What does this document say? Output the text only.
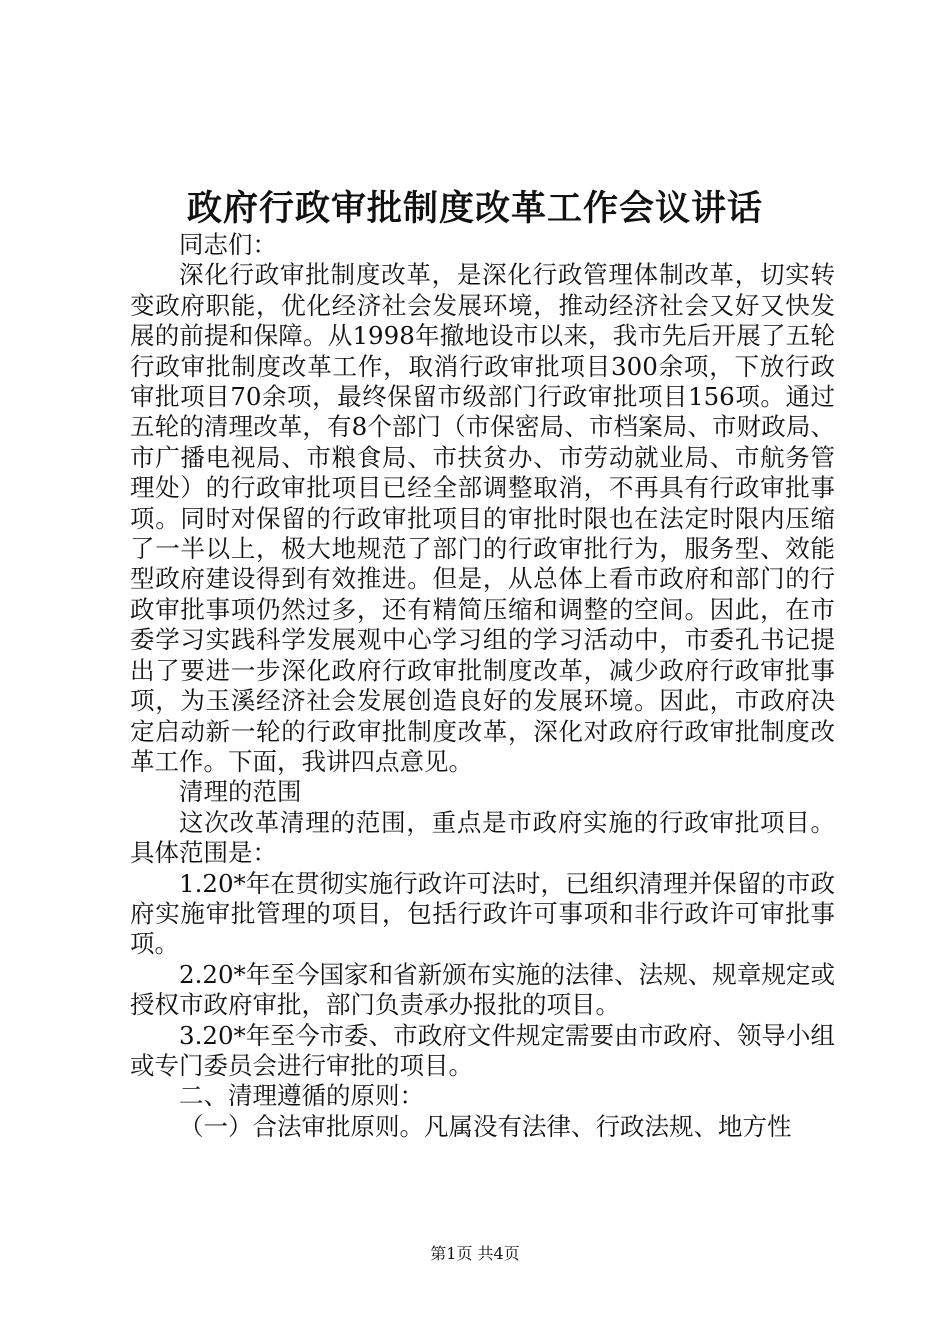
政府行政审批制度改革工作会议讲话

同志们：

深化行政审批制度改革，是深化行政管理体制改革，切实转变政府职能，优化经济社会发展环境，推动经济社会又好又快发展的前提和保障。从1998年撤地设市以来，我市先后开展了五轮行政审批制度改革工作，取消行政审批项目300余项，下放行政审批项目70余项，最终保留市级部门行政审批项目156项。通过五轮的清理改革，有8个部门（市保密局、市档案局、市财政局、市广播电视局、市粮食局、市扶贫办、市劳动就业局、市航务管理处）的行政审批项目已经全部调整取消，不再具有行政审批事项。同时对保留的行政审批项目的审批时限也在法定时限内压缩了一半以上，极大地规范了部门的行政审批行为，服务型、效能型政府建设得到有效推进。但是，从总体上看市政府和部门的行政审批事项仍然过多，还有精简压缩和调整的空间。因此，在市委学习实践科学发展观中心学习组的学习活动中，市委孔书记提出了要进一步深化政府行政审批制度改革，减少政府行政审批事项，为玉溪经济社会发展创造良好的发展环境。因此，市政府决定启动新一轮的行政审批制度改革，深化对政府行政审批制度改革工作。下面，我讲四点意见。

清理的范围

这次改革清理的范围，重点是市政府实施的行政审批项目。具体范围是：

1.20*年在贯彻实施行政许可法时，已组织清理并保留的市政府实施审批管理的项目，包括行政许可事项和非行政许可审批事项。

2.20*年至今国家和省新颁布实施的法律、法规、规章规定或授权市政府审批，部门负责承办报批的项目。

3.20*年至今市委、市政府文件规定需要由市政府、领导小组或专门委员会进行审批的项目。

二、清理遵循的原则：

（一）合法审批原则。凡属没有法律、行政法规、地方性

第1页 共4页
